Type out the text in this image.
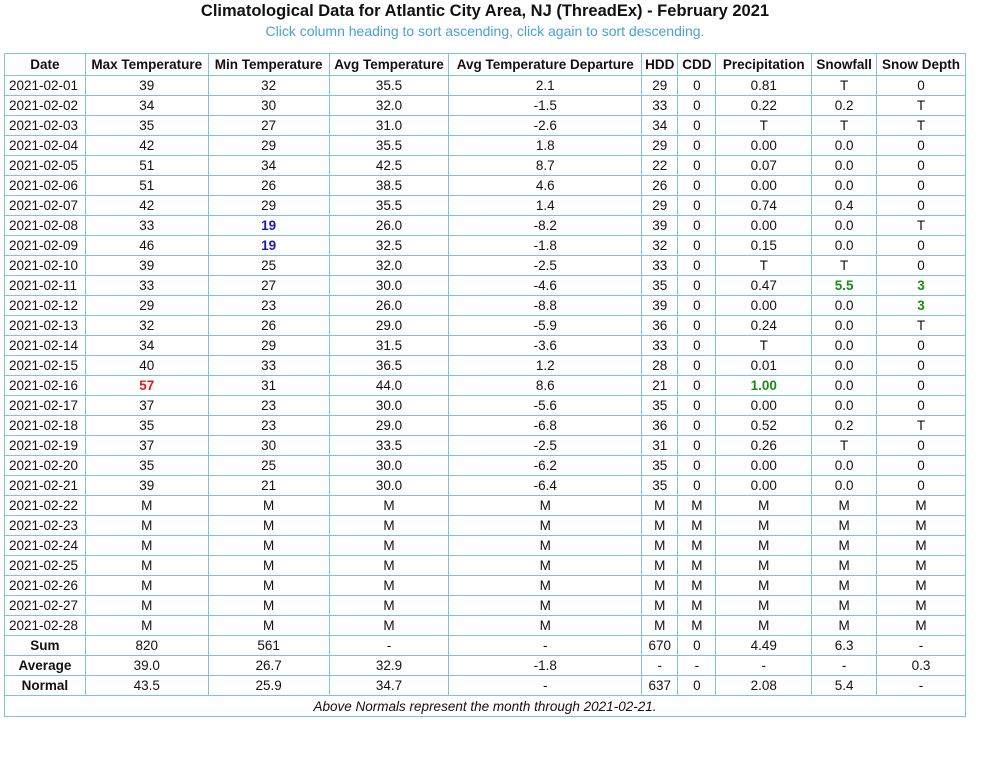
Climatological Data for Atlantic City Area, NJ (ThreadEx) - February 2021
Click column heading to sort ascending, click again to sort descending.
Date	Max Temperature	Min Temperature	Avg Temperature	Avg Temperature Departure	HDD	CDD	Precipitation	Snowfall	Snow Depth
2021-02-01	39	32	35.5	2.1	29	0	0.81	T	0
2021-02-02	34	30	32.0	-1.5	33	0	0.22	0.2	T
2021-02-03	35	27	31.0	-2.6	34	0	T	T	T
2021-02-04	42	29	35.5	1.8	29	0	0.00	0.0	0
2021-02-05	51	34	42.5	8.7	22	0	0.07	0.0	0
2021-02-06	51	26	38.5	4.6	26	0	0.00	0.0	0
2021-02-07	42	29	35.5	1.4	29	0	0.74	0.4	0
2021-02-08	33	19	26.0	-8.2	39	0	0.00	0.0	T
2021-02-09	46	19	32.5	-1.8	32	0	0.15	0.0	0
2021-02-10	39	25	32.0	-2.5	33	0	T	T	0
2021-02-11	33	27	30.0	-4.6	35	0	0.47	5.5	3
2021-02-12	29	23	26.0	-8.8	39	0	0.00	0.0	3
2021-02-13	32	26	29.0	-5.9	36	0	0.24	0.0	T
2021-02-14	34	29	31.5	-3.6	33	0	T	0.0	0
2021-02-15	40	33	36.5	1.2	28	0	0.01	0.0	0
2021-02-16	57	31	44.0	8.6	21	0	1.00	0.0	0
2021-02-17	37	23	30.0	-5.6	35	0	0.00	0.0	0
2021-02-18	35	23	29.0	-6.8	36	0	0.52	0.2	T
2021-02-19	37	30	33.5	-2.5	31	0	0.26	T	0
2021-02-20	35	25	30.0	-6.2	35	0	0.00	0.0	0
2021-02-21	39	21	30.0	-6.4	35	0	0.00	0.0	0
2021-02-22	M	M	M	M	M	M	M	M	M
2021-02-23	M	M	M	M	M	M	M	M	M
2021-02-24	M	M	M	M	M	M	M	M	M
2021-02-25	M	M	M	M	M	M	M	M	M
2021-02-26	M	M	M	M	M	M	M	M	M
2021-02-27	M	M	M	M	M	M	M	M	M
2021-02-28	M	M	M	M	M	M	M	M	M
Sum	820	561	-	-	670	0	4.49	6.3	-
Average	39.0	26.7	32.9	-1.8	-	-	-	-	0.3
Normal	43.5	25.9	34.7	-	637	0	2.08	5.4	-
Above Normals represent the month through 2021-02-21.									
